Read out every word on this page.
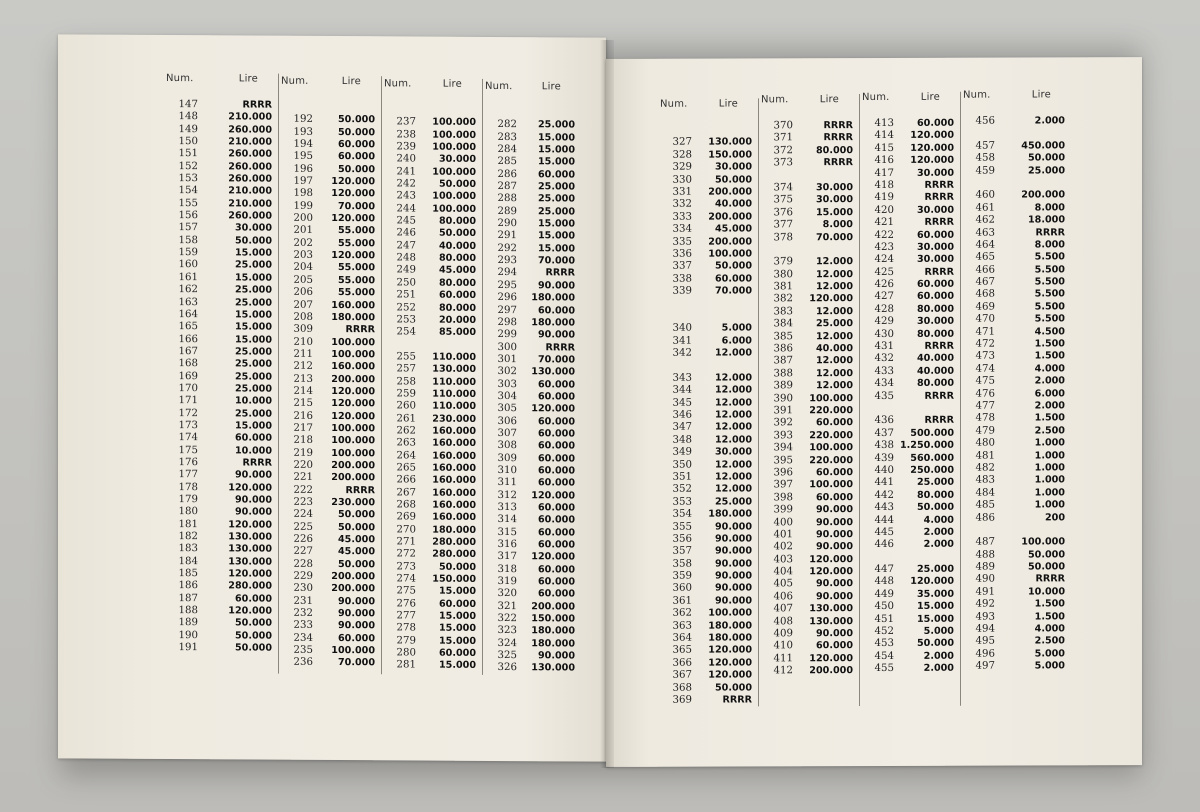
Num.	Lire
147	RRRR
148	210.000
149	260.000
150	210.000
151	260.000
152	260.000
153	260.000
154	210.000
155	210.000
156	260.000
157	30.000
158	50.000
159	15.000
160	25.000
161	15.000
162	25.000
163	25.000
164	15.000
165	15.000
166	15.000
167	25.000
168	25.000
169	25.000
170	25.000
171	10.000
172	25.000
173	15.000
174	60.000
175	10.000
176	RRRR
177	90.000
178	120.000
179	90.000
180	90.000
181	120.000
182	130.000
183	130.000
184	130.000
185	120.000
186	280.000
187	60.000
188	120.000
189	50.000
190	50.000
191	50.000
Num.	Lire
192	50.000
193	50.000
194	60.000
195	60.000
196	50.000
197	120.000
198	120.000
199	70.000
200	120.000
201	55.000
202	55.000
203	120.000
204	55.000
205	55.000
206	55.000
207	160.000
208	180.000
309	RRRR
210	100.000
211	100.000
212	160.000
213	200.000
214	120.000
215	120.000
216	120.000
217	100.000
218	100.000
219	100.000
220	200.000
221	200.000
222	RRRR
223	230.000
224	50.000
225	50.000
226	45.000
227	45.000
228	50.000
229	200.000
230	200.000
231	90.000
232	90.000
233	90.000
234	60.000
235	100.000
236	70.000
Num.	Lire
237	100.000
238	100.000
239	100.000
240	30.000
241	100.000
242	50.000
243	100.000
244	100.000
245	80.000
246	50.000
247	40.000
248	80.000
249	45.000
250	80.000
251	60.000
252	80.000
253	20.000
254	85.000
255	110.000
257	130.000
258	110.000
259	110.000
260	110.000
261	230.000
262	160.000
263	160.000
264	160.000
265	160.000
266	160.000
267	160.000
268	160.000
269	160.000
270	180.000
271	280.000
272	280.000
273	50.000
274	150.000
275	15.000
276	60.000
277	15.000
278	15.000
279	15.000
280	60.000
281	15.000
Num.	Lire
282	25.000
283	15.000
284	15.000
285	15.000
286	60.000
287	25.000
288	25.000
289	25.000
290	15.000
291	15.000
292	15.000
293	70.000
294	RRRR
295	90.000
296	180.000
297	60.000
298	180.000
299	90.000
300	RRRR
301	70.000
302	130.000
303	60.000
304	60.000
305	120.000
306	60.000
307	60.000
308	60.000
309	60.000
310	60.000
311	60.000
312	120.000
313	60.000
314	60.000
315	60.000
316	60.000
317	120.000
318	60.000
319	60.000
320	60.000
321	200.000
322	150.000
323	180.000
324	180.000
325	90.000
326	130.000
Num.	Lire
327	130.000
328	150.000
329	30.000
330	50.000
331	200.000
332	40.000
333	200.000
334	45.000
335	200.000
336	100.000
337	50.000
338	60.000
339	70.000
340	5.000
341	6.000
342	12.000
343	12.000
344	12.000
345	12.000
346	12.000
347	12.000
348	12.000
349	30.000
350	12.000
351	12.000
352	12.000
353	25.000
354	180.000
355	90.000
356	90.000
357	90.000
358	90.000
359	90.000
360	90.000
361	90.000
362	100.000
363	180.000
364	180.000
365	120.000
366	120.000
367	120.000
368	50.000
369	RRRR
Num.	Lire
370	RRRR
371	RRRR
372	80.000
373	RRRR
374	30.000
375	30.000
376	15.000
377	8.000
378	70.000
379	12.000
380	12.000
381	12.000
382	120.000
383	12.000
384	25.000
385	12.000
386	40.000
387	12.000
388	12.000
389	12.000
390	100.000
391	220.000
392	60.000
393	220.000
394	100.000
395	220.000
396	60.000
397	100.000
398	60.000
399	90.000
400	90.000
401	90.000
402	90.000
403	120.000
404	120.000
405	90.000
406	90.000
407	130.000
408	130.000
409	90.000
410	60.000
411	120.000
412	200.000
Num.	Lire
413	60.000
414	120.000
415	120.000
416	120.000
417	30.000
418	RRRR
419	RRRR
420	30.000
421	RRRR
422	60.000
423	30.000
424	30.000
425	RRRR
426	60.000
427	60.000
428	80.000
429	30.000
430	80.000
431	RRRR
432	40.000
433	40.000
434	80.000
435	RRRR
436	RRRR
437	500.000
438 1.250.000
439	560.000
440	250.000
441	25.000
442	80.000
443	50.000
444	4.000
445	2.000
446	2.000
447	25.000
448	120.000
449	35.000
450	15.000
451	15.000
452	5.000
453	50.000
454	2.000
455	2.000
Num.	Lire
456	2.000
457	450.000
458	50.000
459	25.000
460	200.000
461	8.000
462	18.000
463	RRRR
464	8.000
465	5.500
466	5.500
467	5.500
468	5.500
469	5.500
470	5.500
471	4.500
472	1.500
473	1.500
474	4.000
475	2.000
476	6.000
477	2.000
478	1.500
479	2.500
480	1.000
481	1.000
482	1.000
483	1.000
484	1.000
485	1.000
486	200
487	100.000
488	50.000
489	50.000
490	RRRR
491	10.000
492	1.500
493	1.500
494	4.000
495	2.500
496	5.000
497	5.000
